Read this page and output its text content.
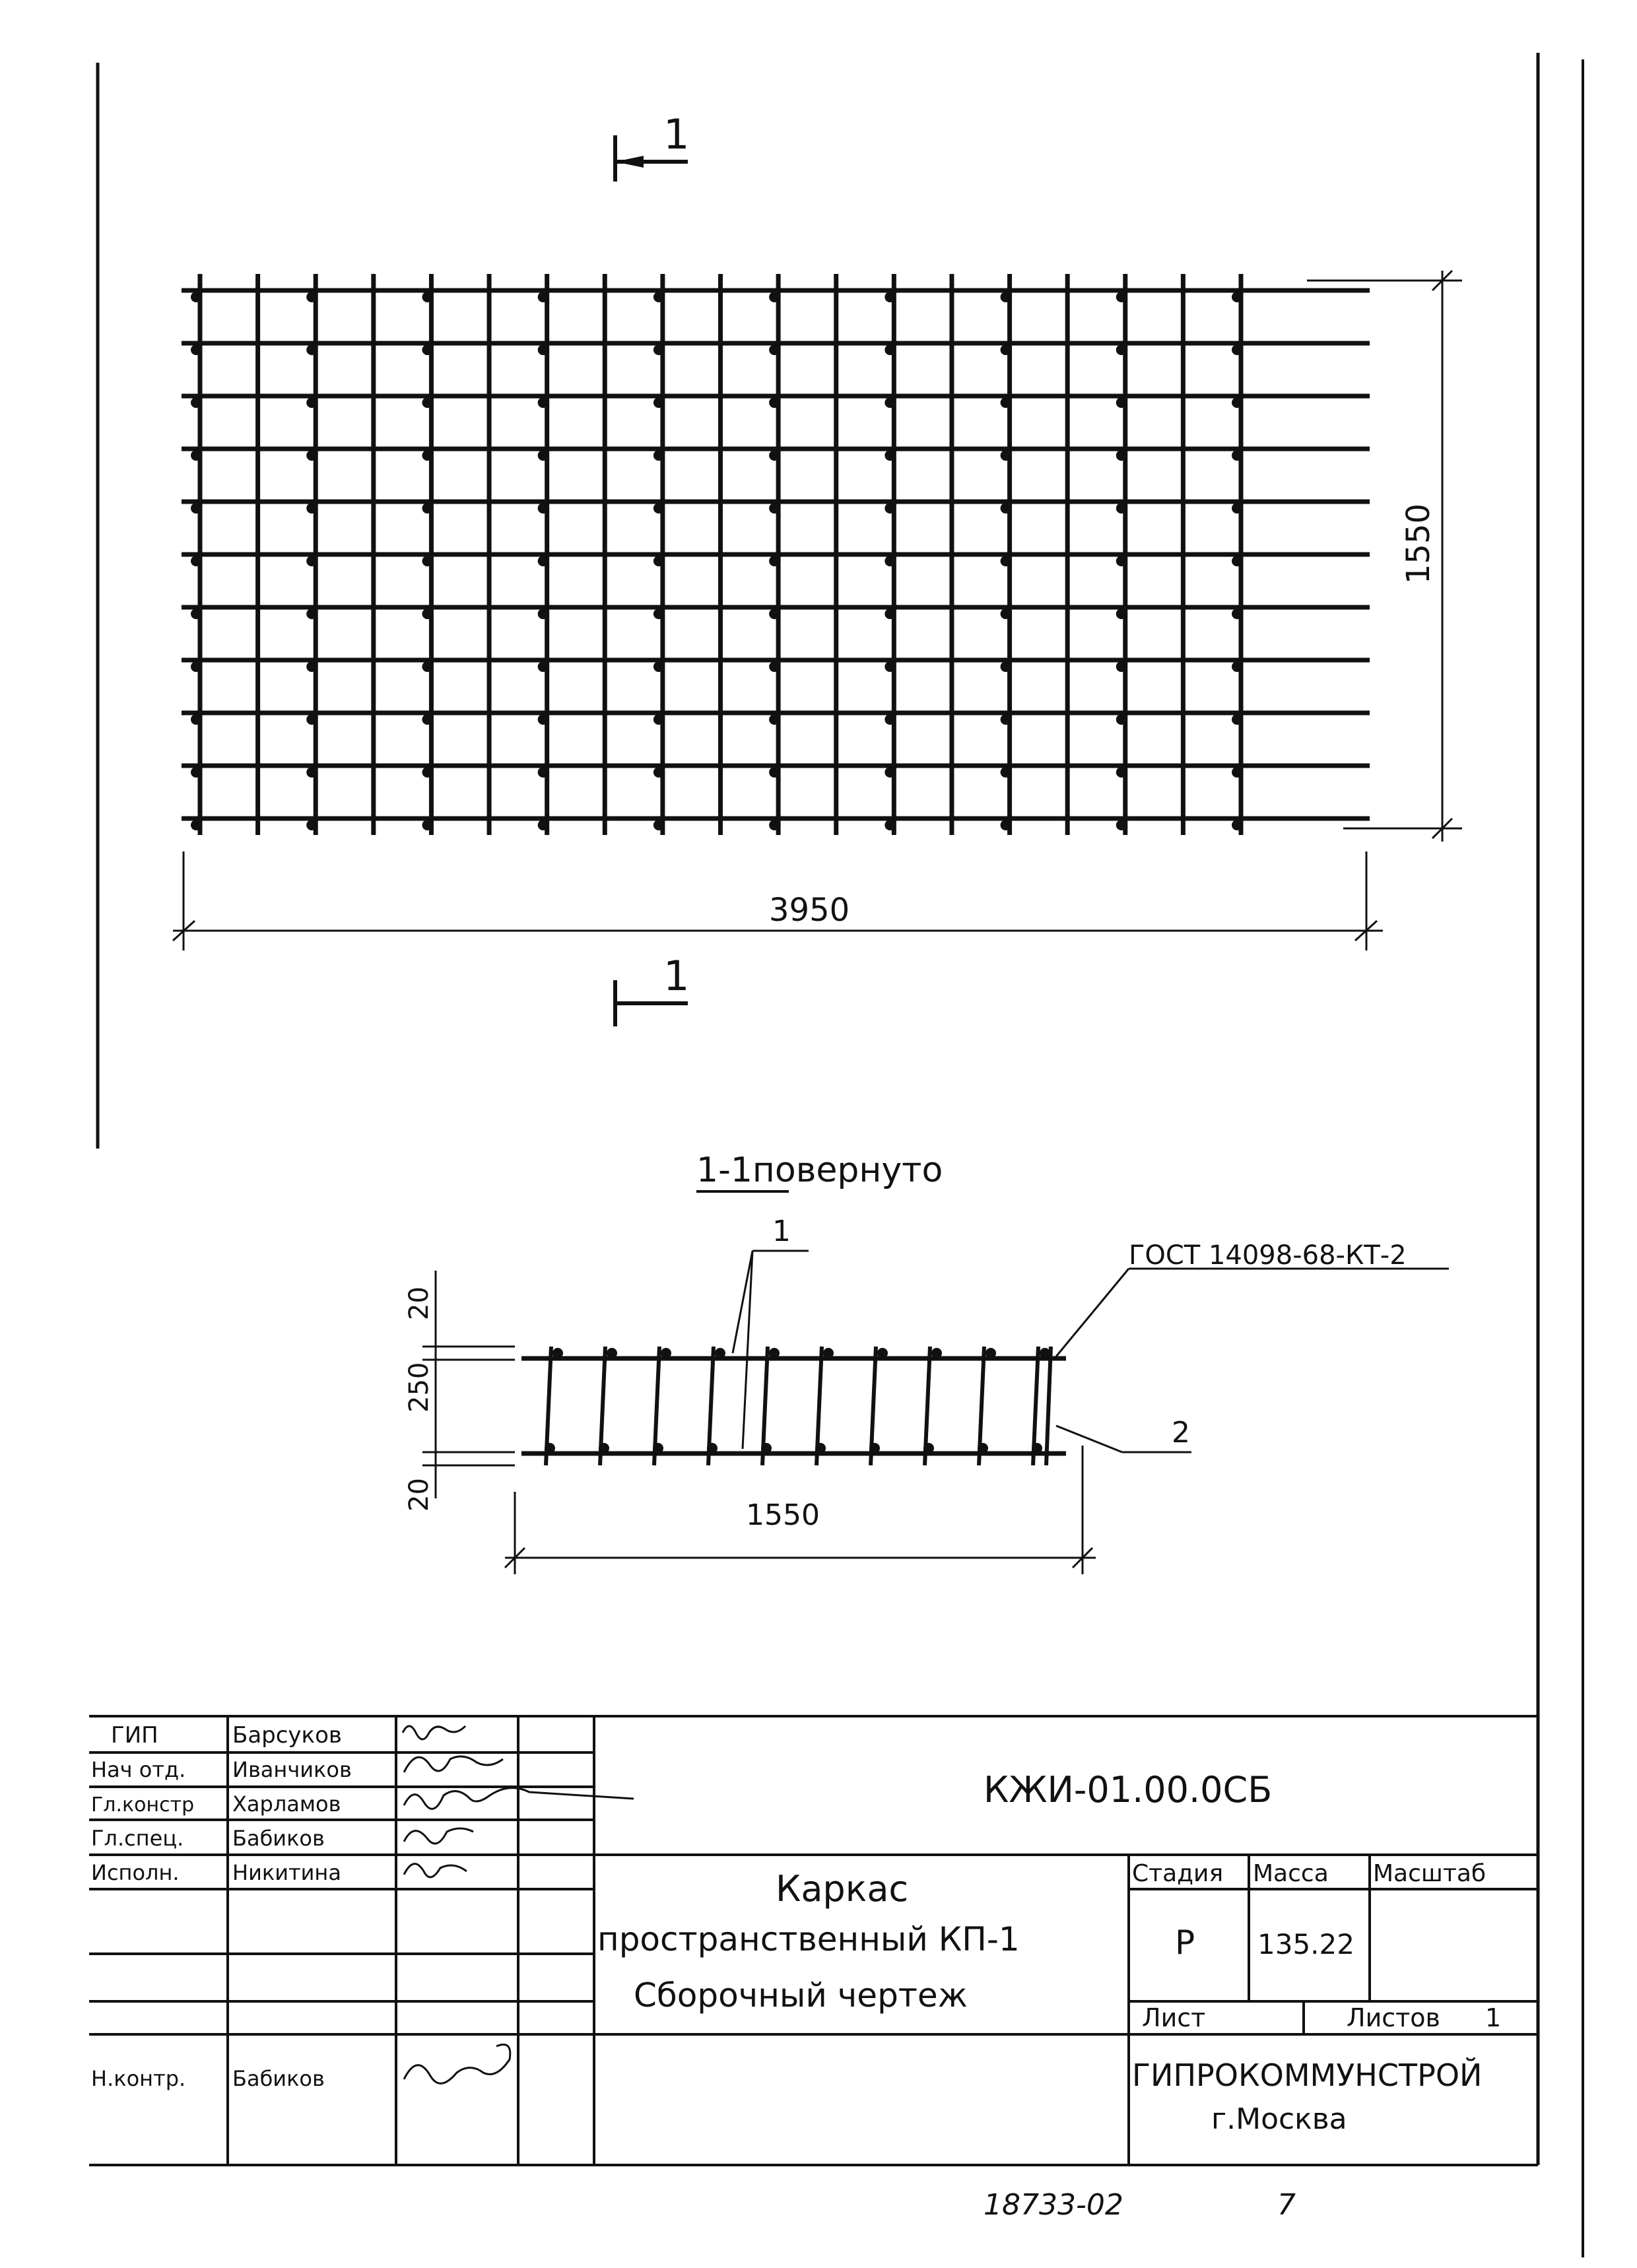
1
1
3950
1550
1-1повернуто
ГОСТ 14098-68-КТ-2
1
2
20
250
20
1550
КЖИ-01.00.0СБ
Каркас
пространственный КП-1
Сборочный чертеж
Стадия Масса Масштаб
Р 135.22
Лист	Листов 1
ГИПРОКОММУНСТРОЙ
г.Москва
ГИП	Барсуков
Нач отд. Иванчиков
Гл.констр Харламов
Гл.спец. Бабиков
Исполн.	Никитина
Н.контр. Бабиков
18733-02	7
